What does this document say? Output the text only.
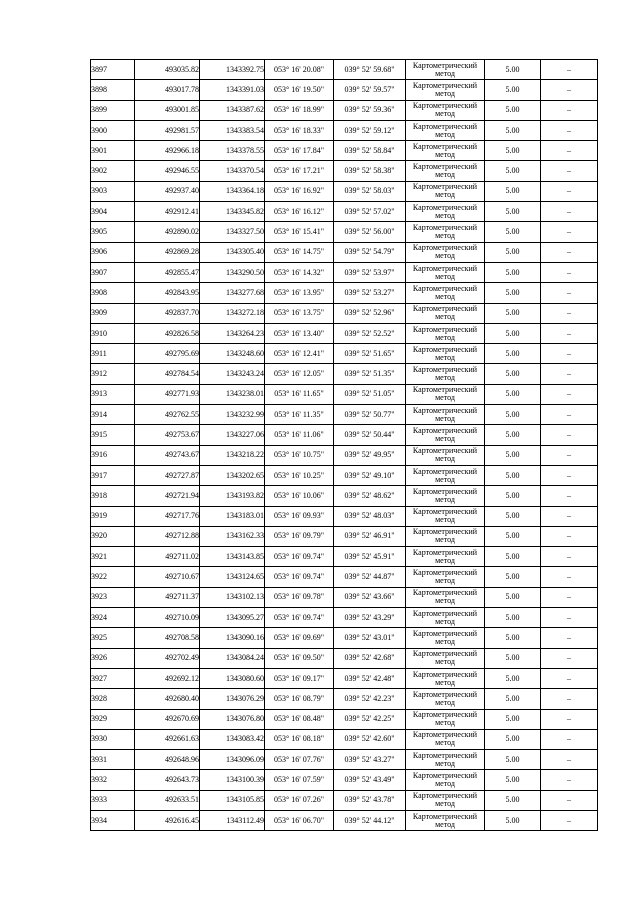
3897	493035.82	1343392.75	053° 16' 20.08"	039° 52' 59.68"	Картометрический
метод	5.00	–
3898	493017.78	1343391.03	053° 16' 19.50"	039° 52' 59.57"	Картометрический
метод	5.00	–
3899	493001.85	1343387.62	053° 16' 18.99"	039° 52' 59.36"	Картометрический
метод	5.00	–
3900	492981.57	1343383.54	053° 16' 18.33"	039° 52' 59.12"	Картометрический
метод	5.00	–
3901	492966.18	1343378.55	053° 16' 17.84"	039° 52' 58.84"	Картометрический
метод	5.00	–
3902	492946.55	1343370.54	053° 16' 17.21"	039° 52' 58.38"	Картометрический
метод	5.00	–
3903	492937.40	1343364.18	053° 16' 16.92"	039° 52' 58.03"	Картометрический
метод	5.00	–
3904	492912.41	1343345.82	053° 16' 16.12"	039° 52' 57.02"	Картометрический
метод	5.00	–
3905	492890.02	1343327.50	053° 16' 15.41"	039° 52' 56.00"	Картометрический
метод	5.00	–
3906	492869.28	1343305.40	053° 16' 14.75"	039° 52' 54.79"	Картометрический
метод	5.00	–
3907	492855.47	1343290.50	053° 16' 14.32"	039° 52' 53.97"	Картометрический
метод	5.00	–
3908	492843.95	1343277.68	053° 16' 13.95"	039° 52' 53.27"	Картометрический
метод	5.00	–
3909	492837.70	1343272.18	053° 16' 13.75"	039° 52' 52.96"	Картометрический
метод	5.00	–
3910	492826.58	1343264.23	053° 16' 13.40"	039° 52' 52.52"	Картометрический
метод	5.00	–
3911	492795.69	1343248.60	053° 16' 12.41"	039° 52' 51.65"	Картометрический
метод	5.00	–
3912	492784.54	1343243.24	053° 16' 12.05"	039° 52' 51.35"	Картометрический
метод	5.00	–
3913	492771.93	1343238.01	053° 16' 11.65"	039° 52' 51.05"	Картометрический
метод	5.00	–
3914	492762.55	1343232.99	053° 16' 11.35"	039° 52' 50.77"	Картометрический
метод	5.00	–
3915	492753.67	1343227.06	053° 16' 11.06"	039° 52' 50.44"	Картометрический
метод	5.00	–
3916	492743.67	1343218.22	053° 16' 10.75"	039° 52' 49.95"	Картометрический
метод	5.00	–
3917	492727.87	1343202.65	053° 16' 10.25"	039° 52' 49.10"	Картометрический
метод	5.00	–
3918	492721.94	1343193.82	053° 16' 10.06"	039° 52' 48.62"	Картометрический
метод	5.00	–
3919	492717.76	1343183.01	053° 16' 09.93"	039° 52' 48.03"	Картометрический
метод	5.00	–
3920	492712.88	1343162.33	053° 16' 09.79"	039° 52' 46.91"	Картометрический
метод	5.00	–
3921	492711.02	1343143.85	053° 16' 09.74"	039° 52' 45.91"	Картометрический
метод	5.00	–
3922	492710.67	1343124.65	053° 16' 09.74"	039° 52' 44.87"	Картометрический
метод	5.00	–
3923	492711.37	1343102.13	053° 16' 09.78"	039° 52' 43.66"	Картометрический
метод	5.00	–
3924	492710.09	1343095.27	053° 16' 09.74"	039° 52' 43.29"	Картометрический
метод	5.00	–
3925	492708.58	1343090.16	053° 16' 09.69"	039° 52' 43.01"	Картометрический
метод	5.00	–
3926	492702.49	1343084.24	053° 16' 09.50"	039° 52' 42.68"	Картометрический
метод	5.00	–
3927	492692.12	1343080.60	053° 16' 09.17"	039° 52' 42.48"	Картометрический
метод	5.00	–
3928	492680.40	1343076.29	053° 16' 08.79"	039° 52' 42.23"	Картометрический
метод	5.00	–
3929	492670.69	1343076.80	053° 16' 08.48"	039° 52' 42.25"	Картометрический
метод	5.00	–
3930	492661.63	1343083.42	053° 16' 08.18"	039° 52' 42.60"	Картометрический
метод	5.00	–
3931	492648.96	1343096.09	053° 16' 07.76"	039° 52' 43.27"	Картометрический
метод	5.00	–
3932	492643.73	1343100.39	053° 16' 07.59"	039° 52' 43.49"	Картометрический
метод	5.00	–
3933	492633.51	1343105.85	053° 16' 07.26"	039° 52' 43.78"	Картометрический
метод	5.00	–
3934	492616.45	1343112.49	053° 16' 06.70"	039° 52' 44.12"	Картометрический
метод	5.00	–
